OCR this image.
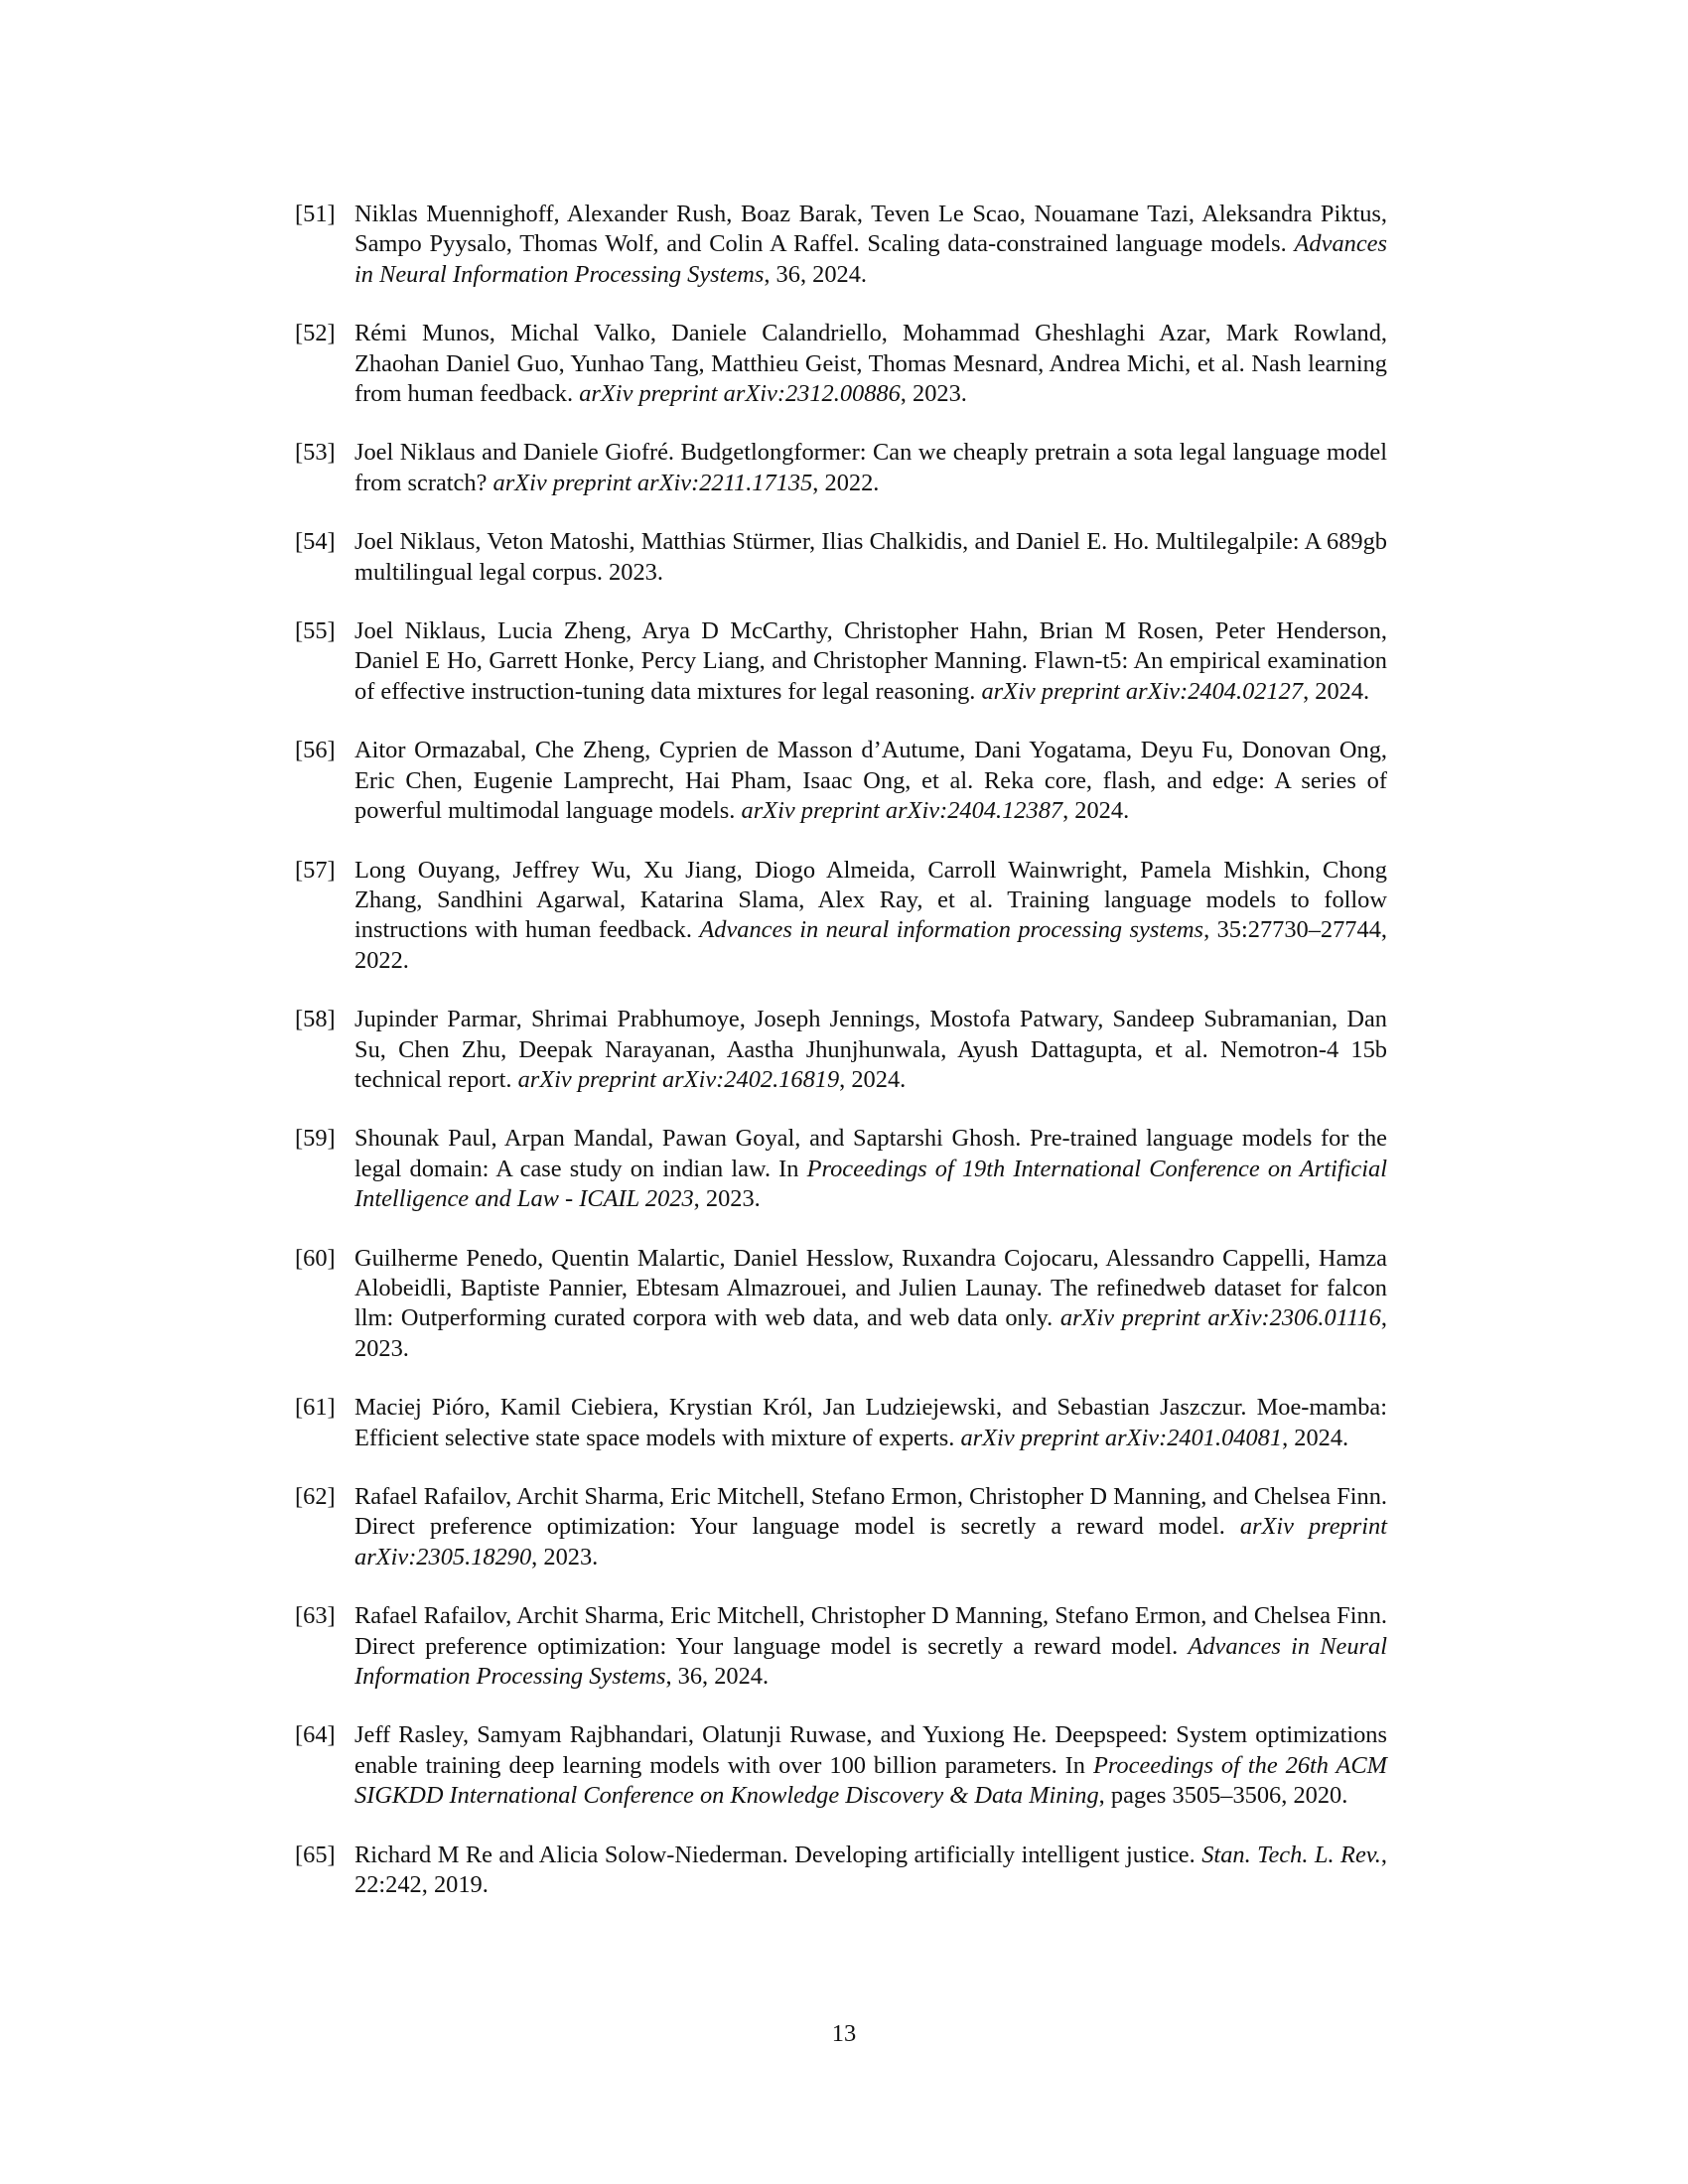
[51] Niklas Muennighoff, Alexander Rush, Boaz Barak, Teven Le Scao, Nouamane Tazi, Aleksandra Piktus, Sampo Pyysalo, Thomas Wolf, and Colin A Raffel. Scaling data-constrained language models. Advances in Neural Information Processing Systems, 36, 2024.
[52] Rémi Munos, Michal Valko, Daniele Calandriello, Mohammad Gheshlaghi Azar, Mark Rowland, Zhaohan Daniel Guo, Yunhao Tang, Matthieu Geist, Thomas Mesnard, Andrea Michi, et al. Nash learning from human feedback. arXiv preprint arXiv:2312.00886, 2023.
[53] Joel Niklaus and Daniele Giofré. Budgetlongformer: Can we cheaply pretrain a sota legal language model from scratch? arXiv preprint arXiv:2211.17135, 2022.
[54] Joel Niklaus, Veton Matoshi, Matthias Stürmer, Ilias Chalkidis, and Daniel E. Ho. Multilegalpile: A 689gb multilingual legal corpus. 2023.
[55] Joel Niklaus, Lucia Zheng, Arya D McCarthy, Christopher Hahn, Brian M Rosen, Peter Henderson, Daniel E Ho, Garrett Honke, Percy Liang, and Christopher Manning. Flawn-t5: An empirical examination of effective instruction-tuning data mixtures for legal reasoning. arXiv preprint arXiv:2404.02127, 2024.
[56] Aitor Ormazabal, Che Zheng, Cyprien de Masson d’Autume, Dani Yogatama, Deyu Fu, Donovan Ong, Eric Chen, Eugenie Lamprecht, Hai Pham, Isaac Ong, et al. Reka core, flash, and edge: A series of powerful multimodal language models. arXiv preprint arXiv:2404.12387, 2024.
[57] Long Ouyang, Jeffrey Wu, Xu Jiang, Diogo Almeida, Carroll Wainwright, Pamela Mishkin, Chong Zhang, Sandhini Agarwal, Katarina Slama, Alex Ray, et al. Training language models to follow instructions with human feedback. Advances in neural information processing systems, 35:27730–27744, 2022.
[58] Jupinder Parmar, Shrimai Prabhumoye, Joseph Jennings, Mostofa Patwary, Sandeep Subramanian, Dan Su, Chen Zhu, Deepak Narayanan, Aastha Jhunjhunwala, Ayush Dattagupta, et al. Nemotron-4 15b technical report. arXiv preprint arXiv:2402.16819, 2024.
[59] Shounak Paul, Arpan Mandal, Pawan Goyal, and Saptarshi Ghosh. Pre-trained language models for the legal domain: A case study on indian law. In Proceedings of 19th International Conference on Artificial Intelligence and Law - ICAIL 2023, 2023.
[60] Guilherme Penedo, Quentin Malartic, Daniel Hesslow, Ruxandra Cojocaru, Alessandro Cappelli, Hamza Alobeidli, Baptiste Pannier, Ebtesam Almazrouei, and Julien Launay. The refinedweb dataset for falcon llm: Outperforming curated corpora with web data, and web data only. arXiv preprint arXiv:2306.01116, 2023.
[61] Maciej Pióro, Kamil Ciebiera, Krystian Król, Jan Ludziejewski, and Sebastian Jaszczur. Moe-mamba: Efficient selective state space models with mixture of experts. arXiv preprint arXiv:2401.04081, 2024.
[62] Rafael Rafailov, Archit Sharma, Eric Mitchell, Stefano Ermon, Christopher D Manning, and Chelsea Finn. Direct preference optimization: Your language model is secretly a reward model. arXiv preprint arXiv:2305.18290, 2023.
[63] Rafael Rafailov, Archit Sharma, Eric Mitchell, Christopher D Manning, Stefano Ermon, and Chelsea Finn. Direct preference optimization: Your language model is secretly a reward model. Advances in Neural Information Processing Systems, 36, 2024.
[64] Jeff Rasley, Samyam Rajbhandari, Olatunji Ruwase, and Yuxiong He. Deepspeed: System optimizations enable training deep learning models with over 100 billion parameters. In Proceedings of the 26th ACM SIGKDD International Conference on Knowledge Discovery & Data Mining, pages 3505–3506, 2020.
[65] Richard M Re and Alicia Solow-Niederman. Developing artificially intelligent justice. Stan. Tech. L. Rev., 22:242, 2019.
13
